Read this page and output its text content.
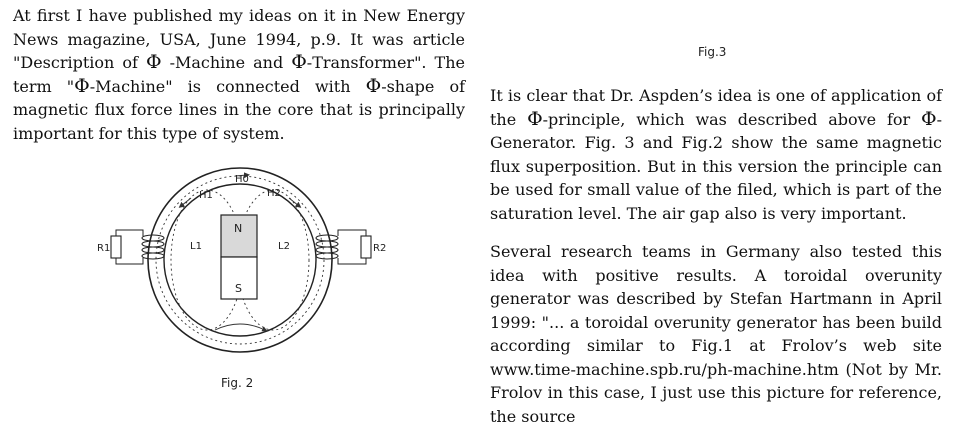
At first I have published my ideas on it in New Energy News magazine, USA, June 1994, p.9. It was article "Description of Φ -Machine and Φ-Transformer". The term "Φ-Machine" is connected with Φ-shape of magnetic flux force lines in the core that is principally important for this type of system.

N
S
H0
H1	H2
L1	L2
R1	R2
Fig. 2
Fig.3

It is clear that Dr. Aspden’s idea is one of application of the Φ-principle, which was described above for Φ-Generator. Fig. 3 and Fig.2 show the same magnetic flux superposition. But in this version the principle can be used for small value of the filed, which is part of the saturation level. The air gap also is very important.

Several research teams in Germany also tested this idea with positive results. A toroidal overunity generator was described by Stefan Hartmann in April 1999: "... a toroidal overunity generator has been build according similar to Fig.1 at Frolov’s web site www.time-machine.spb.ru/ph-machine.htm (Not by Mr. Frolov in this case, I just use this picture for reference, the source
